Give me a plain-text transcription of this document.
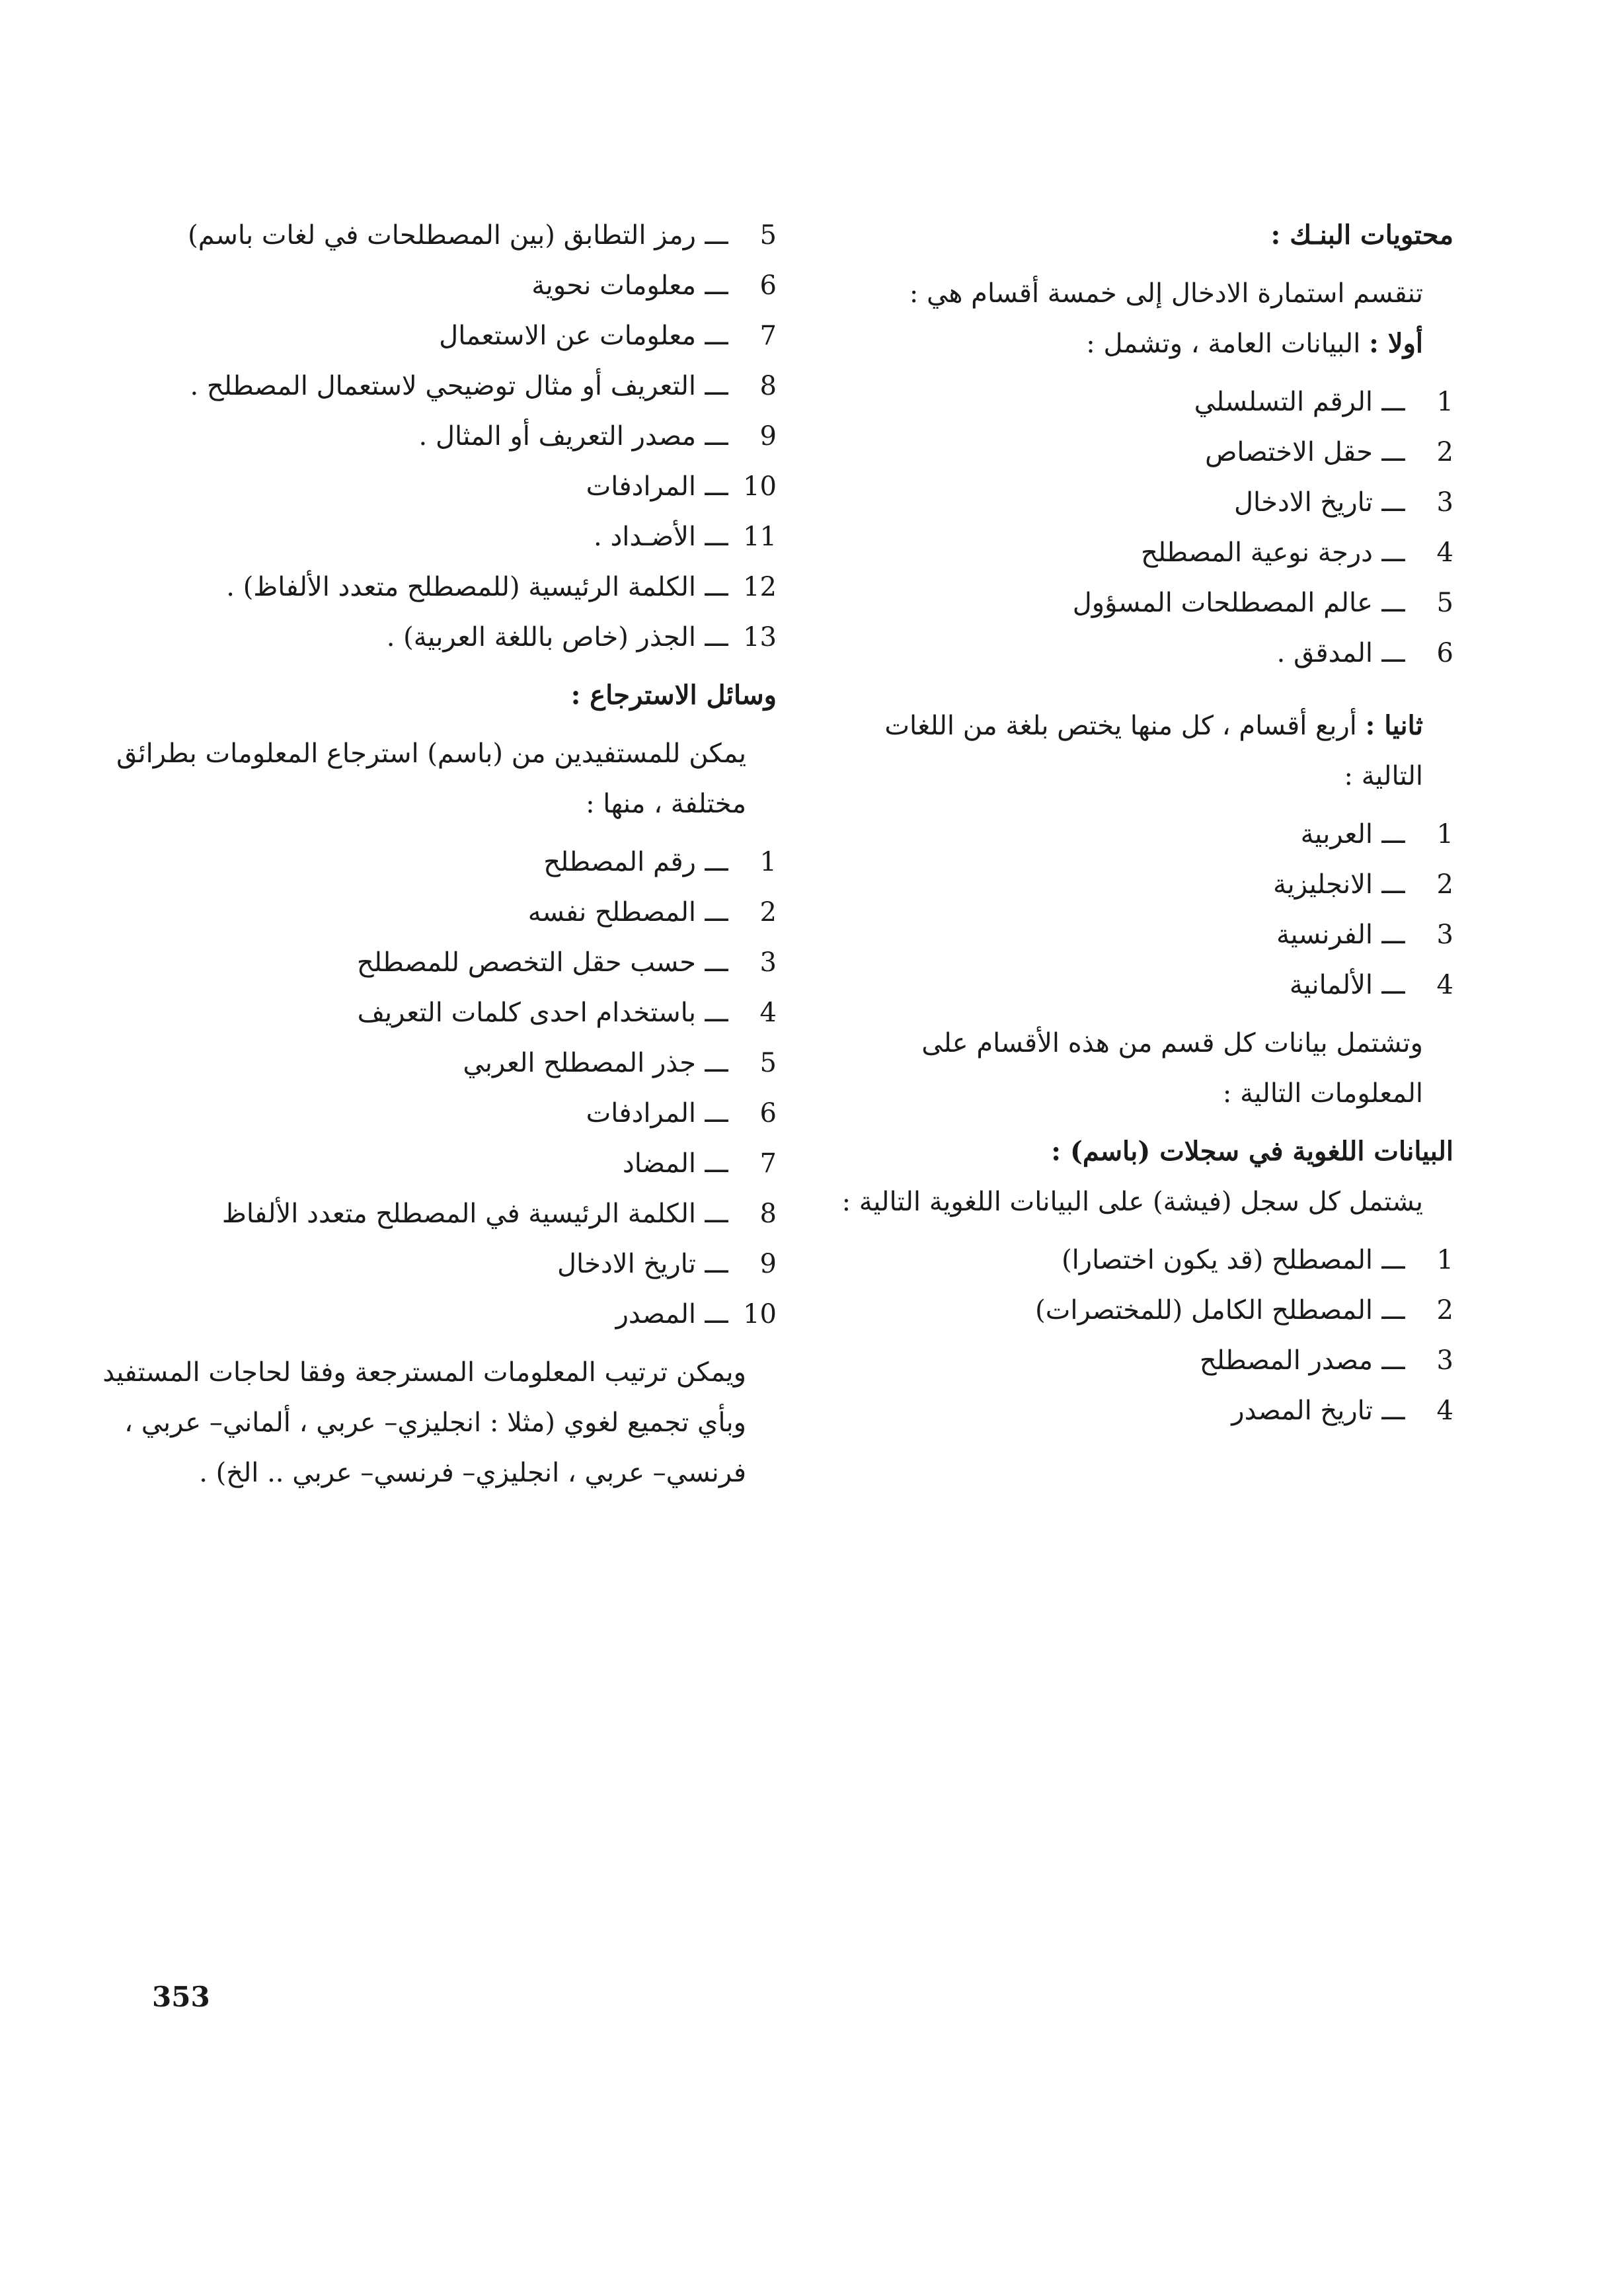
محتويات البنـك :

تنقسم استمارة الادخال إلى خمسة أقسام هي :

أولا : البيانات العامة ، وتشمل :

1
ـــ
الرقم التسلسلي
2
ـــ
حقل الاختصاص
3
ـــ
تاريخ الادخال
4
ـــ
درجة نوعية المصطلح
5
ـــ
عالم المصطلحات المسؤول
6
ـــ
المدقق .

ثانيا : أربع أقسام ، كل منها يختص بلغة من اللغات التالية :

1
ـــ
العربية
2
ـــ
الانجليزية
3
ـــ
الفرنسية
4
ـــ
الألمانية

وتشتمل بيانات كل قسم من هذه الأقسام على المعلومات التالية :

البيانات اللغوية في سجلات (باسم) :

يشتمل كل سجل (فيشة) على البيانات اللغوية التالية :

1
ـــ
المصطلح (قد يكون اختصارا)
2
ـــ
المصطلح الكامل (للمختصرات)
3
ـــ
مصدر المصطلح
4
ـــ
تاريخ المصدر
5
ـــ
رمز التطابق (بين المصطلحات في لغات باسم)
6
ـــ
معلومات نحوية
7
ـــ
معلومات عن الاستعمال
8
ـــ
التعريف أو مثال توضيحي لاستعمال المصطلح .
9
ـــ
مصدر التعريف أو المثال .
10
ـــ
المرادفات
11
ـــ
الأضـداد .
12
ـــ
الكلمة الرئيسية (للمصطلح متعدد الألفاظ) .
13
ـــ
الجذر (خاص باللغة العربية) .

وسائل الاسترجاع :

يمكن للمستفيدين من (باسم) استرجاع المعلومات بطرائق مختلفة ، منها :

1
ـــ
رقم المصطلح
2
ـــ
المصطلح نفسه
3
ـــ
حسب حقل التخصص للمصطلح
4
ـــ
باستخدام احدى كلمات التعريف
5
ـــ
جذر المصطلح العربي
6
ـــ
المرادفات
7
ـــ
المضاد
8
ـــ
الكلمة الرئيسية في المصطلح متعدد الألفاظ
9
ـــ
تاريخ الادخال
10
ـــ
المصدر

ويمكن ترتيب المعلومات المسترجعة وفقا لحاجات المستفيد وبأي تجميع لغوي (مثلا : انجليزي– عربي ، ألماني– عربي ، فرنسي– عربي ، انجليزي– فرنسي– عربي .. الخ) .

353
